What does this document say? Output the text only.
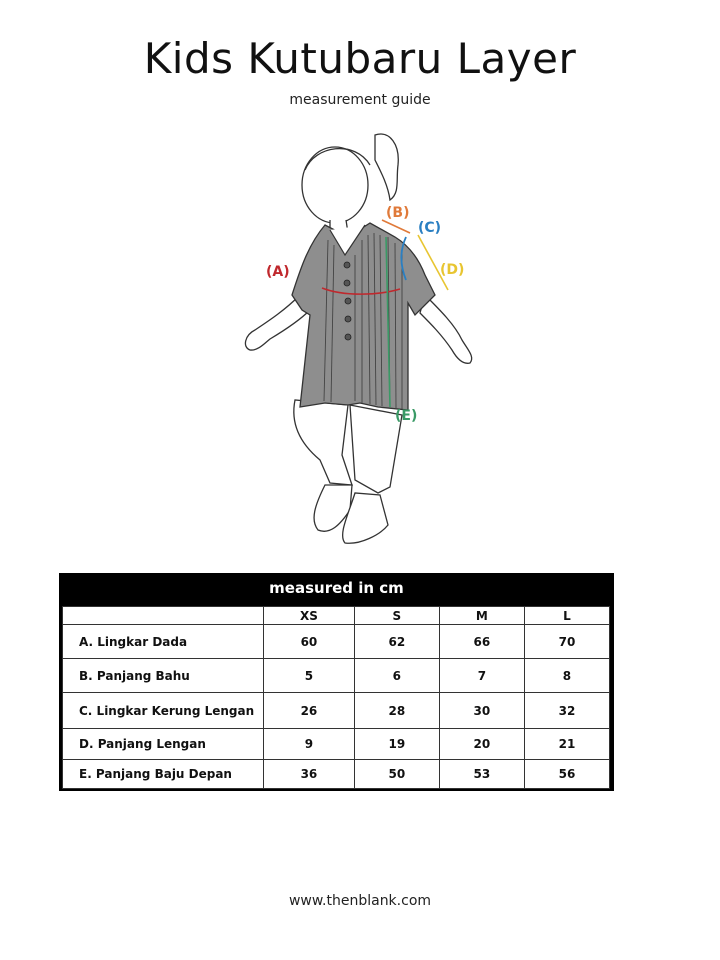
Kids Kutubaru Layer
measurement guide
(A)
(B)
(C)
(D)
(E)
measured in cm
	XS	S	M	L
A. Lingkar Dada	60	62	66	70
B. Panjang Bahu	5	6	7	8
C. Lingkar Kerung Lengan	26	28	30	32
D. Panjang Lengan	9	19	20	21
E. Panjang Baju Depan	36	50	53	56
www.thenblank.com
